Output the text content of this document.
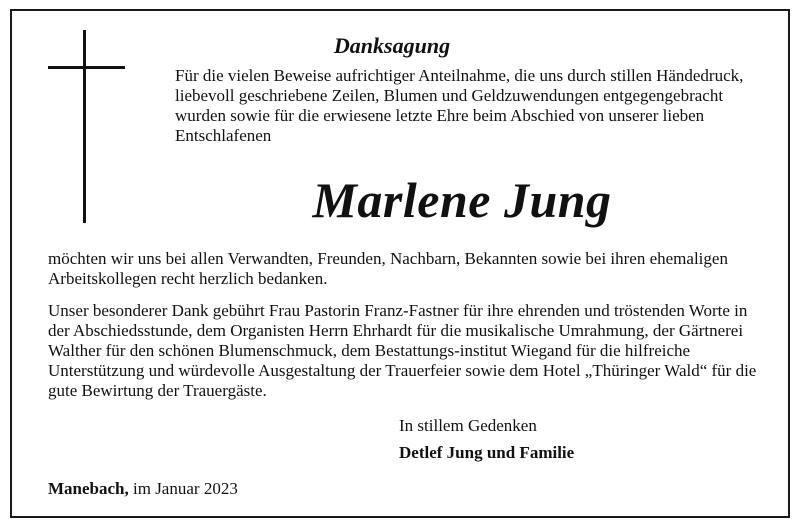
Danksagung
Für die vielen Beweise aufrichtiger Anteilnahme, die uns durch stillen Händedruck, liebevoll geschriebene Zeilen, Blumen und Geldzuwendungen entgegengebracht wurden sowie für die erwiesene letzte Ehre beim Abschied von unserer lieben Entschlafenen
Marlene Jung
möchten wir uns bei allen Verwandten, Freunden, Nachbarn, Bekannten sowie bei ihren ehemaligen Arbeitskollegen recht herzlich bedanken.
Unser besonderer Dank gebührt Frau Pastorin Franz-Fastner für ihre ehrenden und tröstenden Worte in der Abschiedsstunde, dem Organisten Herrn Ehrhardt für die musikalische Umrahmung, der Gärtnerei Walther für den schönen Blumenschmuck, dem Bestattungs-institut Wiegand für die hilfreiche Unterstützung und würdevolle Ausgestaltung der Trauerfeier sowie dem Hotel „Thüringer Wald“ für die gute Bewirtung der Trauergäste.
In stillem Gedenken
Detlef Jung und Familie
Manebach, im Januar 2023
